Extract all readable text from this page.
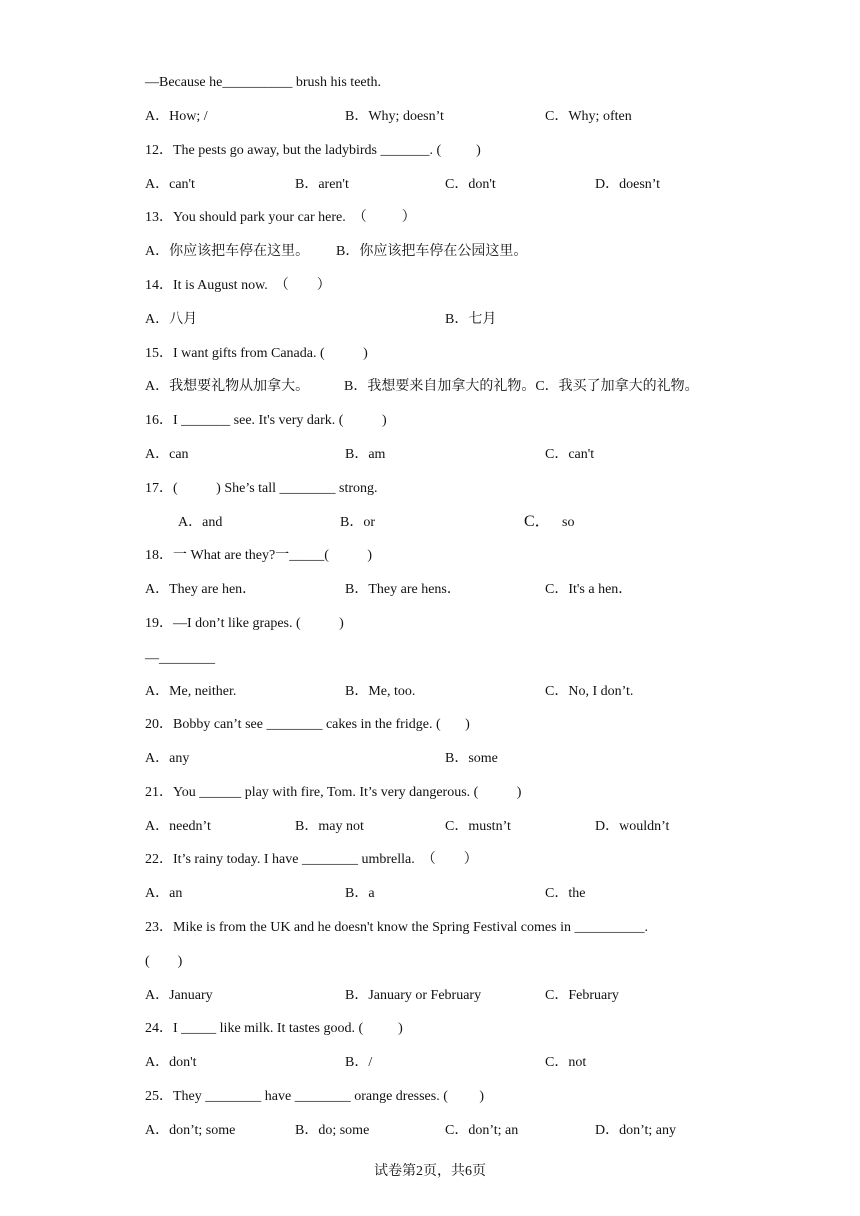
—Because he__________ brush his teeth.
A．How; /	B．Why; doesn’t	C．Why; often
12．The pests go away, but the ladybirds _______. (          )
A．can't	B．aren't	C．don't	D．doesn’t
13．You should park your car here.  （          ）
A．你应该把车停在这里。 B．你应该把车停在公园这里。
14．It is August now.  （        ）
A．八月	B．七月
15．I want gifts from Canada. (           )
A．我想要礼物从加拿大。 B．我想要来自加拿大的礼物。C．我买了加拿大的礼物。
16．I _______ see. It's very dark. (           )
A．can	B．am	C．can't
17．(           ) She’s tall ________ strong.
A．and	B．or	C． so
18．一 What are they?一_____(           )
A．They are hen．	B．They are hens．	C．It's a hen．
19．—I don’t like grapes. (           )
—________
A．Me, neither.	B．Me, too.	C．No, I don’t.
20．Bobby can’t see ________ cakes in the fridge. (       )
A．any	B．some
21．You ______ play with fire, Tom. It’s very dangerous. (           )
A．needn’t	B．may not	C．mustn’t	D．wouldn’t
22．It’s rainy today. I have ________ umbrella.  （        ）
A．an	B．a	C．the
23．Mike is from the UK and he doesn't know the Spring Festival comes in __________.
(        )
A．January	B．January or February	C．February
24．I _____ like milk. It tastes good. (          )
A．don't	B．/	C．not
25．They ________ have ________ orange dresses. (         )
A．don’t; some	B．do; some	C．don’t; an	D．don’t; any
试卷第2页，共6页
